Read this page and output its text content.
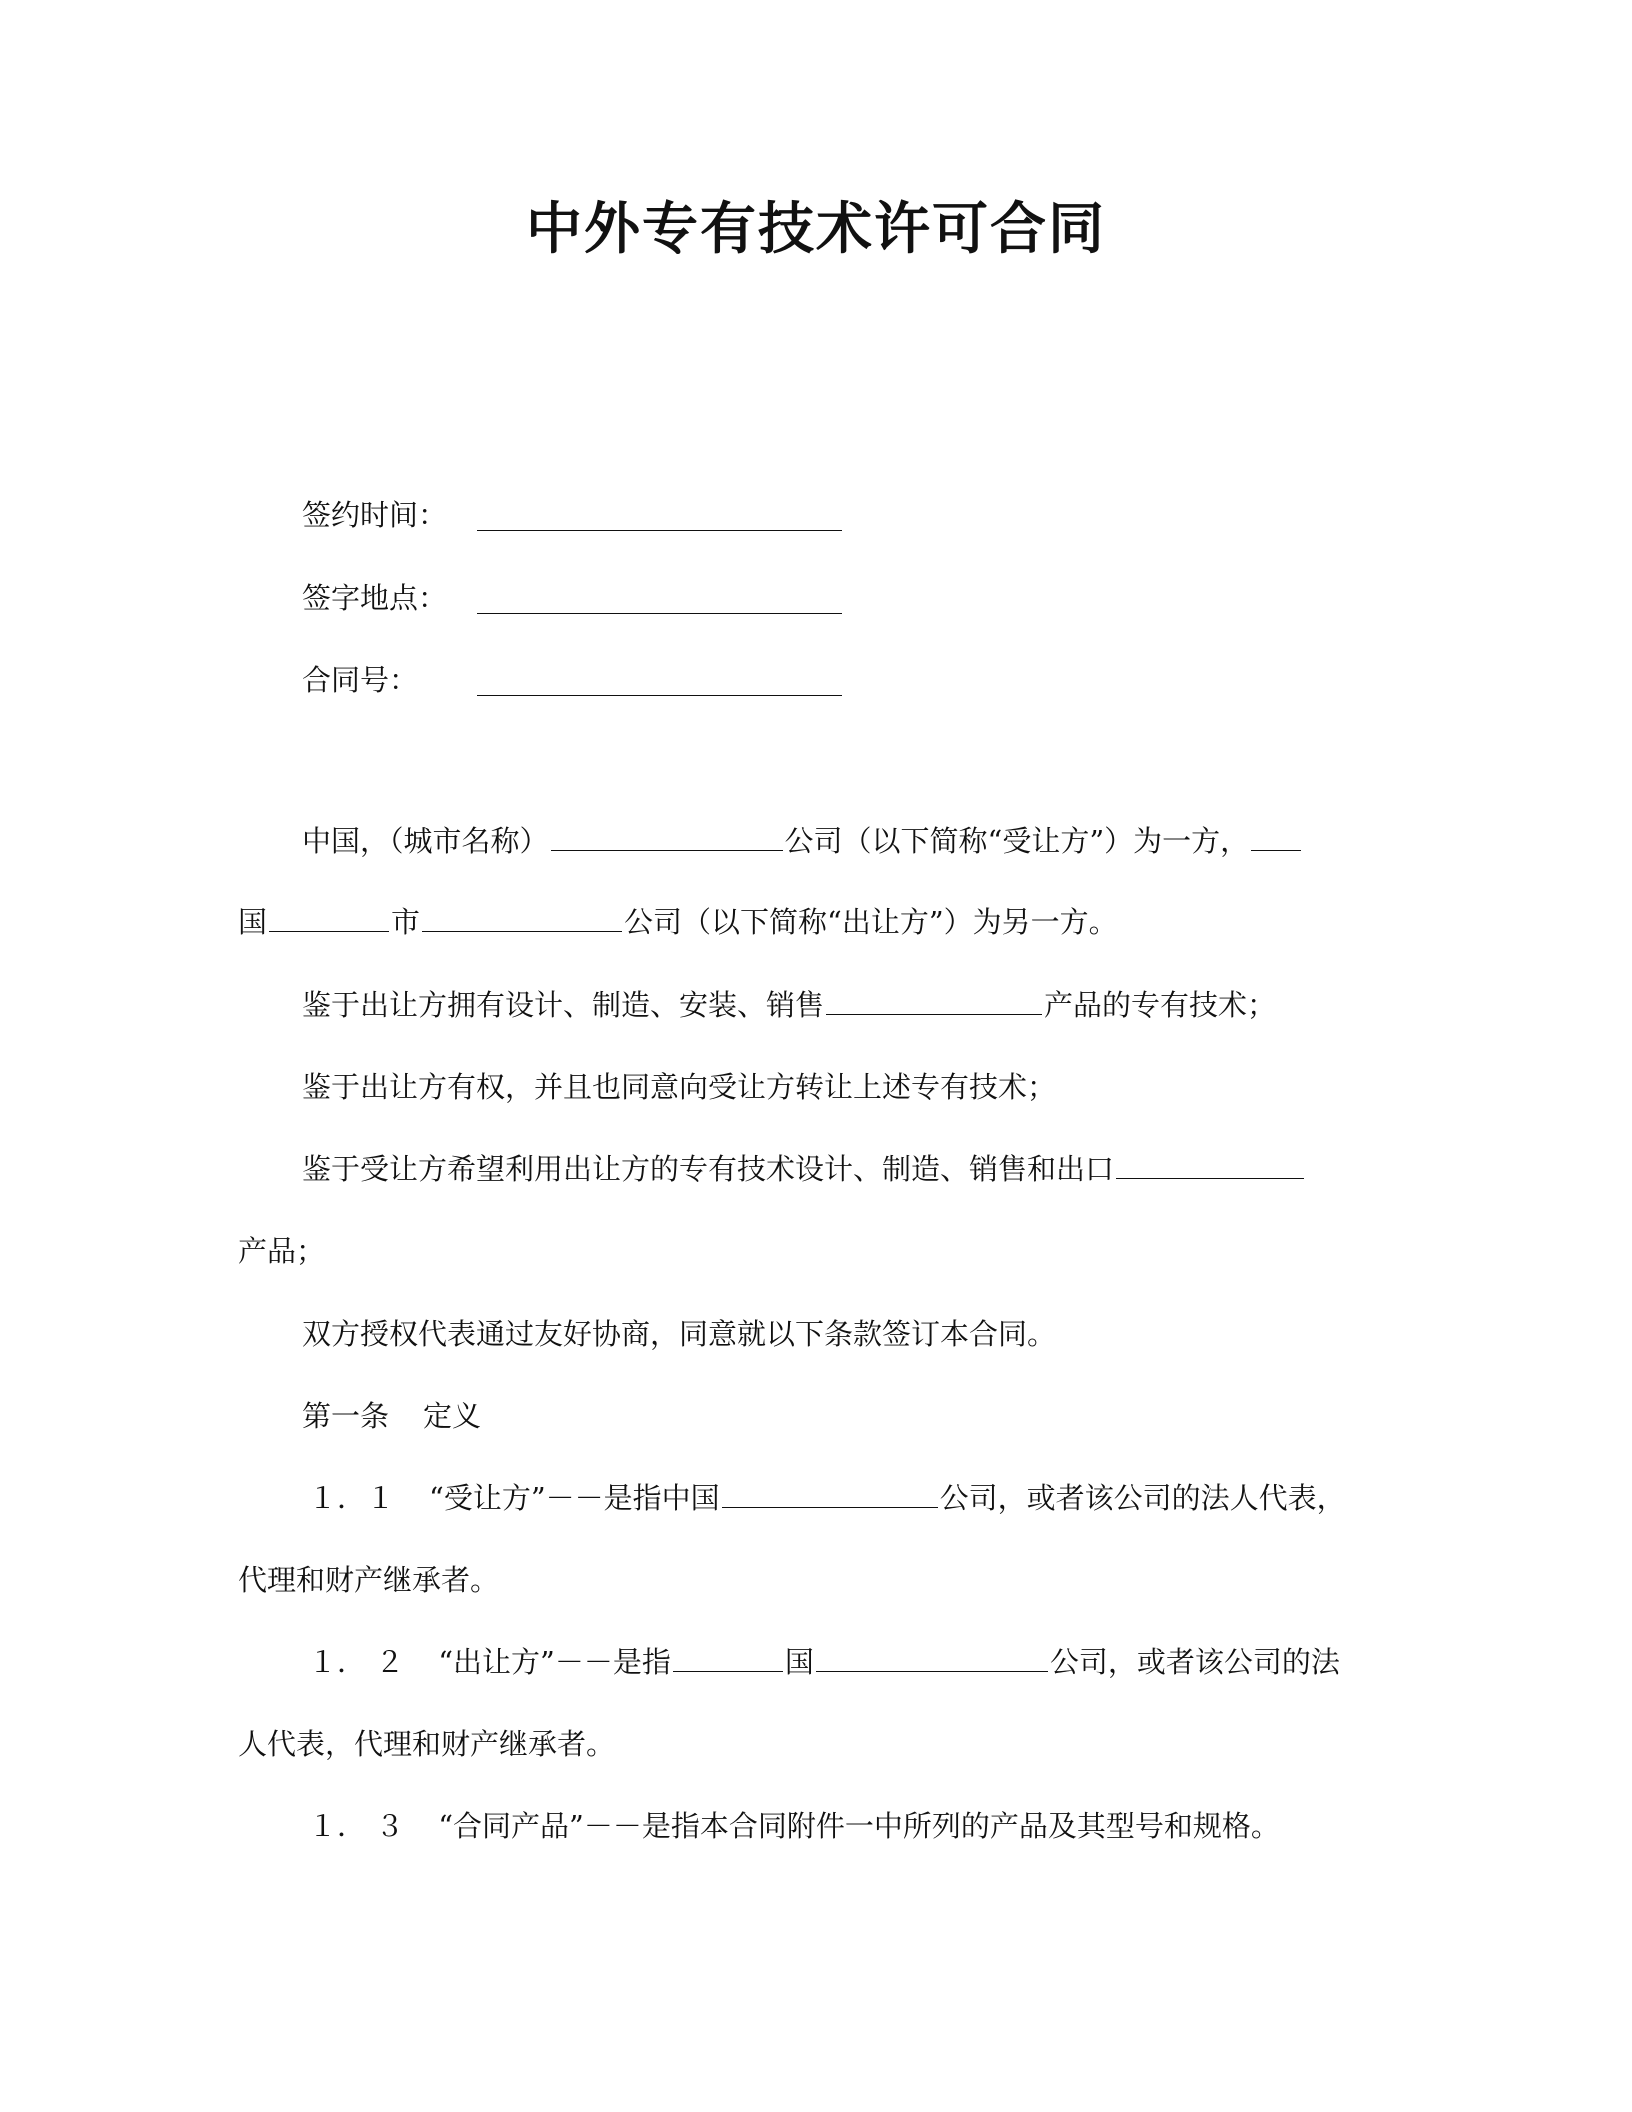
中外专有技术许可合同
签约时间：
签字地点：
合同号：
中国，（城市名称）	公司（以下简称“受让方”）为一方，
国	市	公司（以下简称“出让方”）为另一方。
鉴于出让方拥有设计、制造、安装、销售	产品的专有技术；
鉴于出让方有权，并且也同意向受让方转让上述专有技术；
鉴于受让方希望利用出让方的专有技术设计、制造、销售和出口
产品；
双方授权代表通过友好协商，同意就以下条款签订本合同。
第一条 定义
１．１ “受让方”－－是指中国	公司，或者该公司的法人代表，
代理和财产继承者。
１． ２ “出让方”－－是指	国	公司，或者该公司的法
人代表，代理和财产继承者。
１． ３ “合同产品”－－是指本合同附件一中所列的产品及其型号和规格。
